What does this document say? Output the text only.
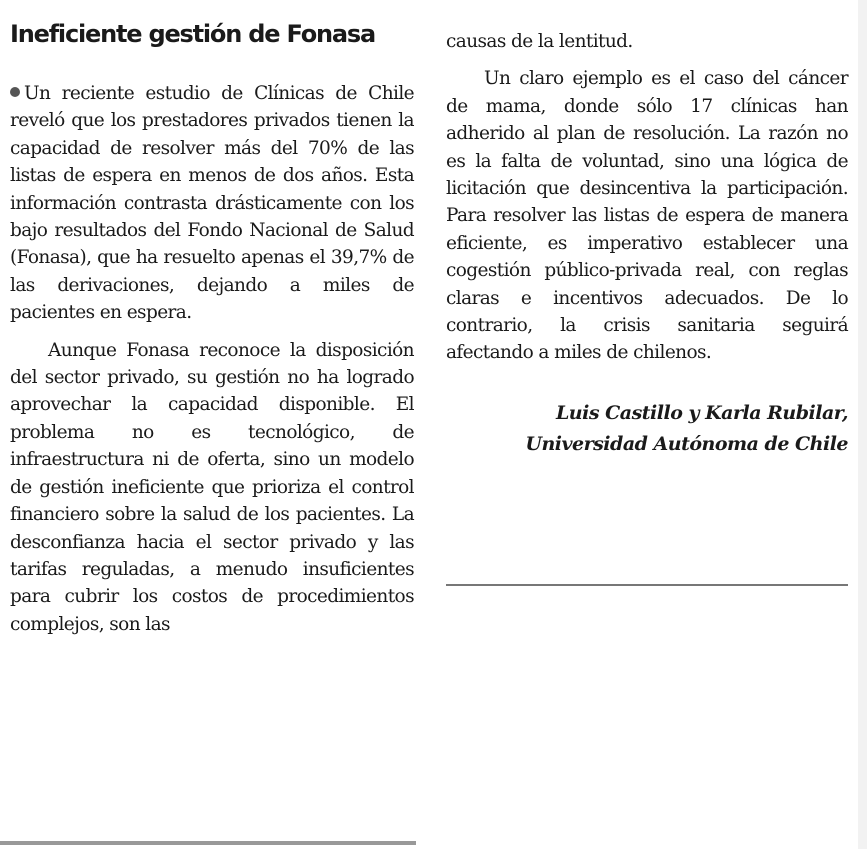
Ineficiente gestión de Fonasa

Un reciente estudio de Clínicas de Chile reveló que los prestadores privados tienen la capacidad de resolver más del 70% de las listas de espera en menos de dos años. Esta información contrasta drásticamente con los bajo resultados del Fondo Nacional de Salud (Fonasa), que ha resuelto apenas el 39,7% de las derivaciones, dejando a miles de pacientes en espera.

Aunque Fonasa reconoce la disposición del sector privado, su gestión no ha logrado aprovechar la capacidad disponible. El problema no es tecnológico, de infraestructura ni de oferta, sino un modelo de gestión ineficiente que prioriza el control financiero sobre la salud de los pacientes. La desconfianza hacia el sector privado y las tarifas reguladas, a menudo insuficientes para cubrir los costos de procedimientos complejos, son las

causas de la lentitud.

Un claro ejemplo es el caso del cáncer de mama, donde sólo 17 clínicas han adherido al plan de resolución. La razón no es la falta de voluntad, sino una lógica de licitación que desincentiva la participación. Para resolver las listas de espera de manera eficiente, es imperativo establecer una cogestión público-privada real, con reglas claras e incentivos adecuados. De lo contrario, la crisis sanitaria seguirá afectando a miles de chilenos.

Luis Castillo y Karla Rubilar,
Universidad Autónoma de Chile
